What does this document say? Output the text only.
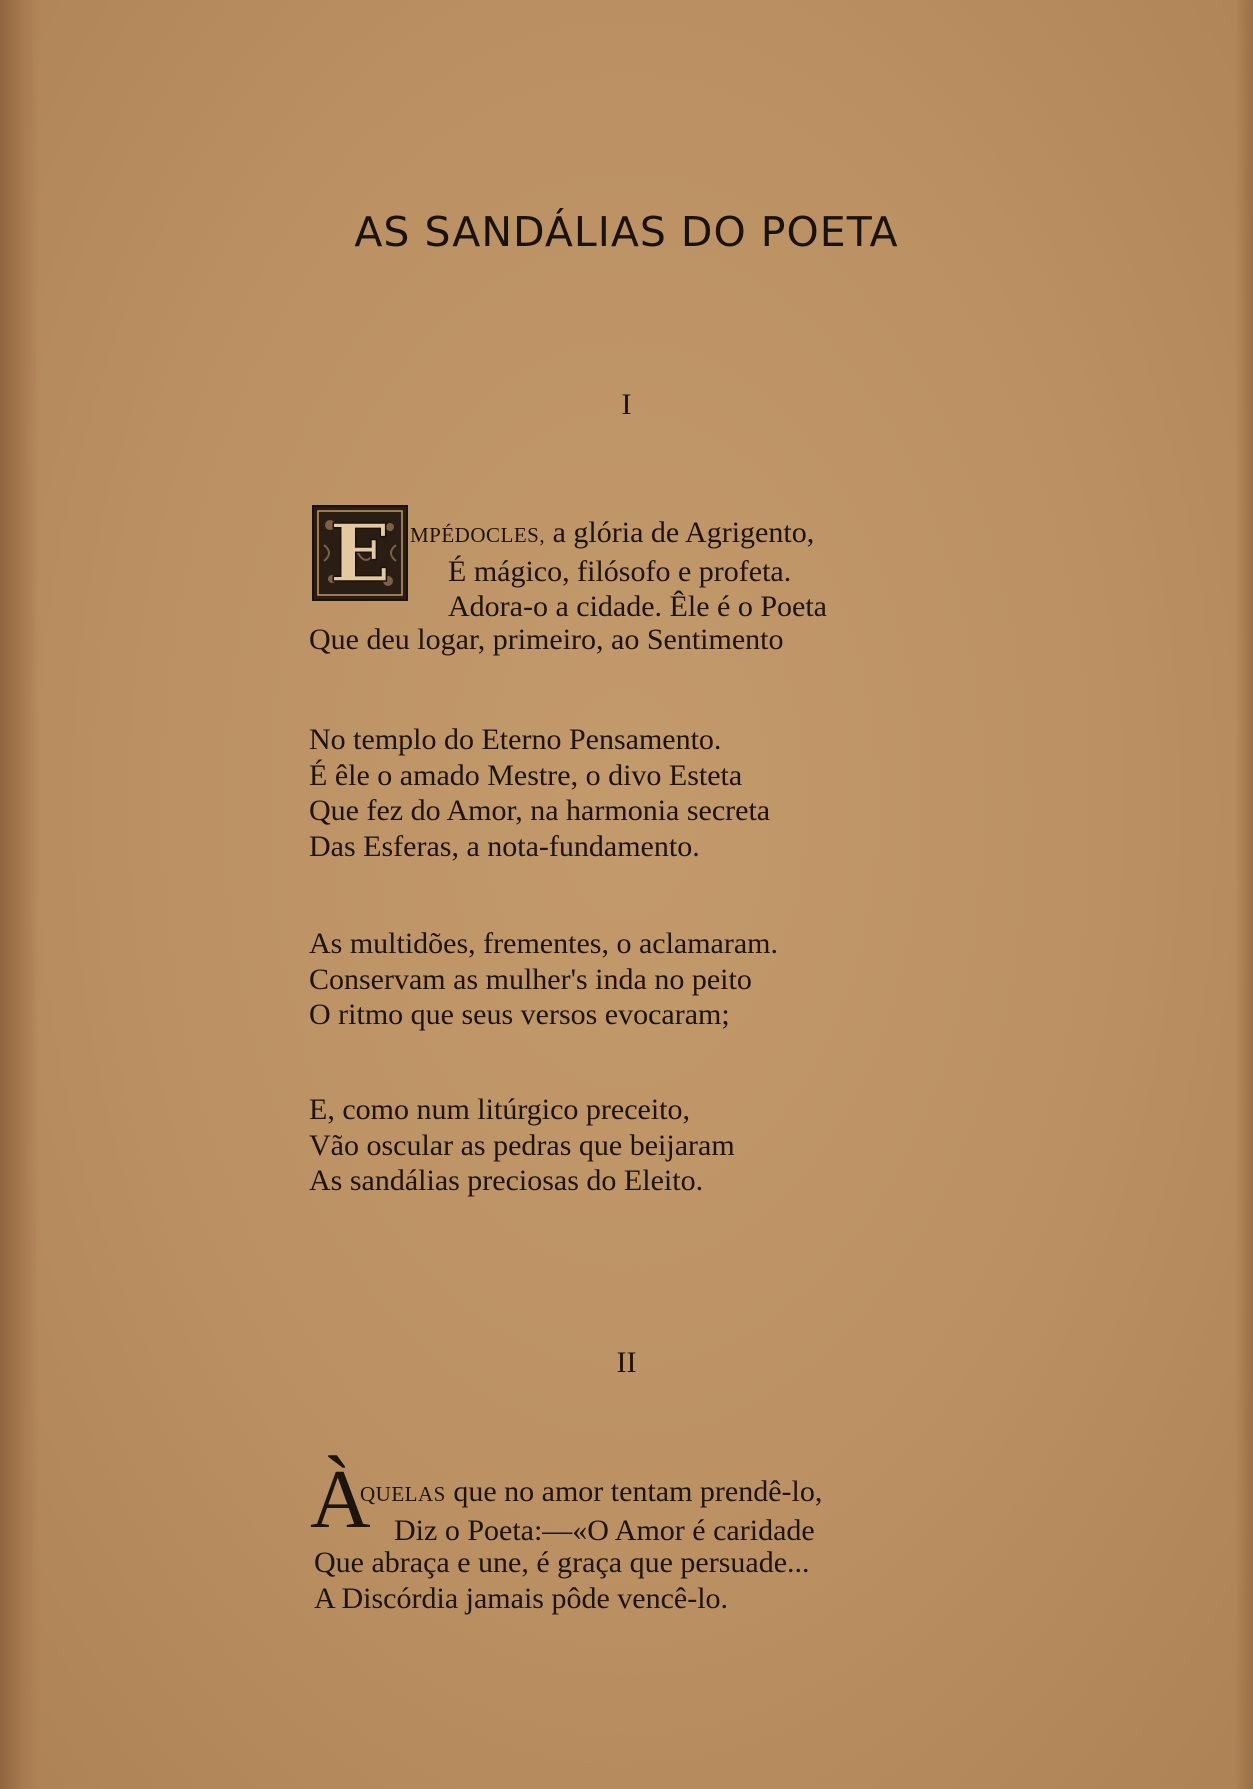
AS SANDÁLIAS DO POETA
I
E MPÉDOCLES, a glória de Agrigento,
É mágico, filósofo e profeta.
Adora-o a cidade. Êle é o Poeta
Que deu logar, primeiro, ao Sentimento
No templo do Eterno Pensamento.
É êle o amado Mestre, o divo Esteta
Que fez do Amor, na harmonia secreta
Das Esferas, a nota-fundamento.
As multidões, frementes, o aclamaram.
Conservam as mulher's inda no peito
O ritmo que seus versos evocaram;
E, como num litúrgico preceito,
Vão oscular as pedras que beijaram
As sandálias preciosas do Eleito.
II
À
QUELAS que no amor tentam prendê-lo,
Diz o Poeta:—«O Amor é caridade
Que abraça e une, é graça que persuade...
A Discórdia jamais pôde vencê-lo.
